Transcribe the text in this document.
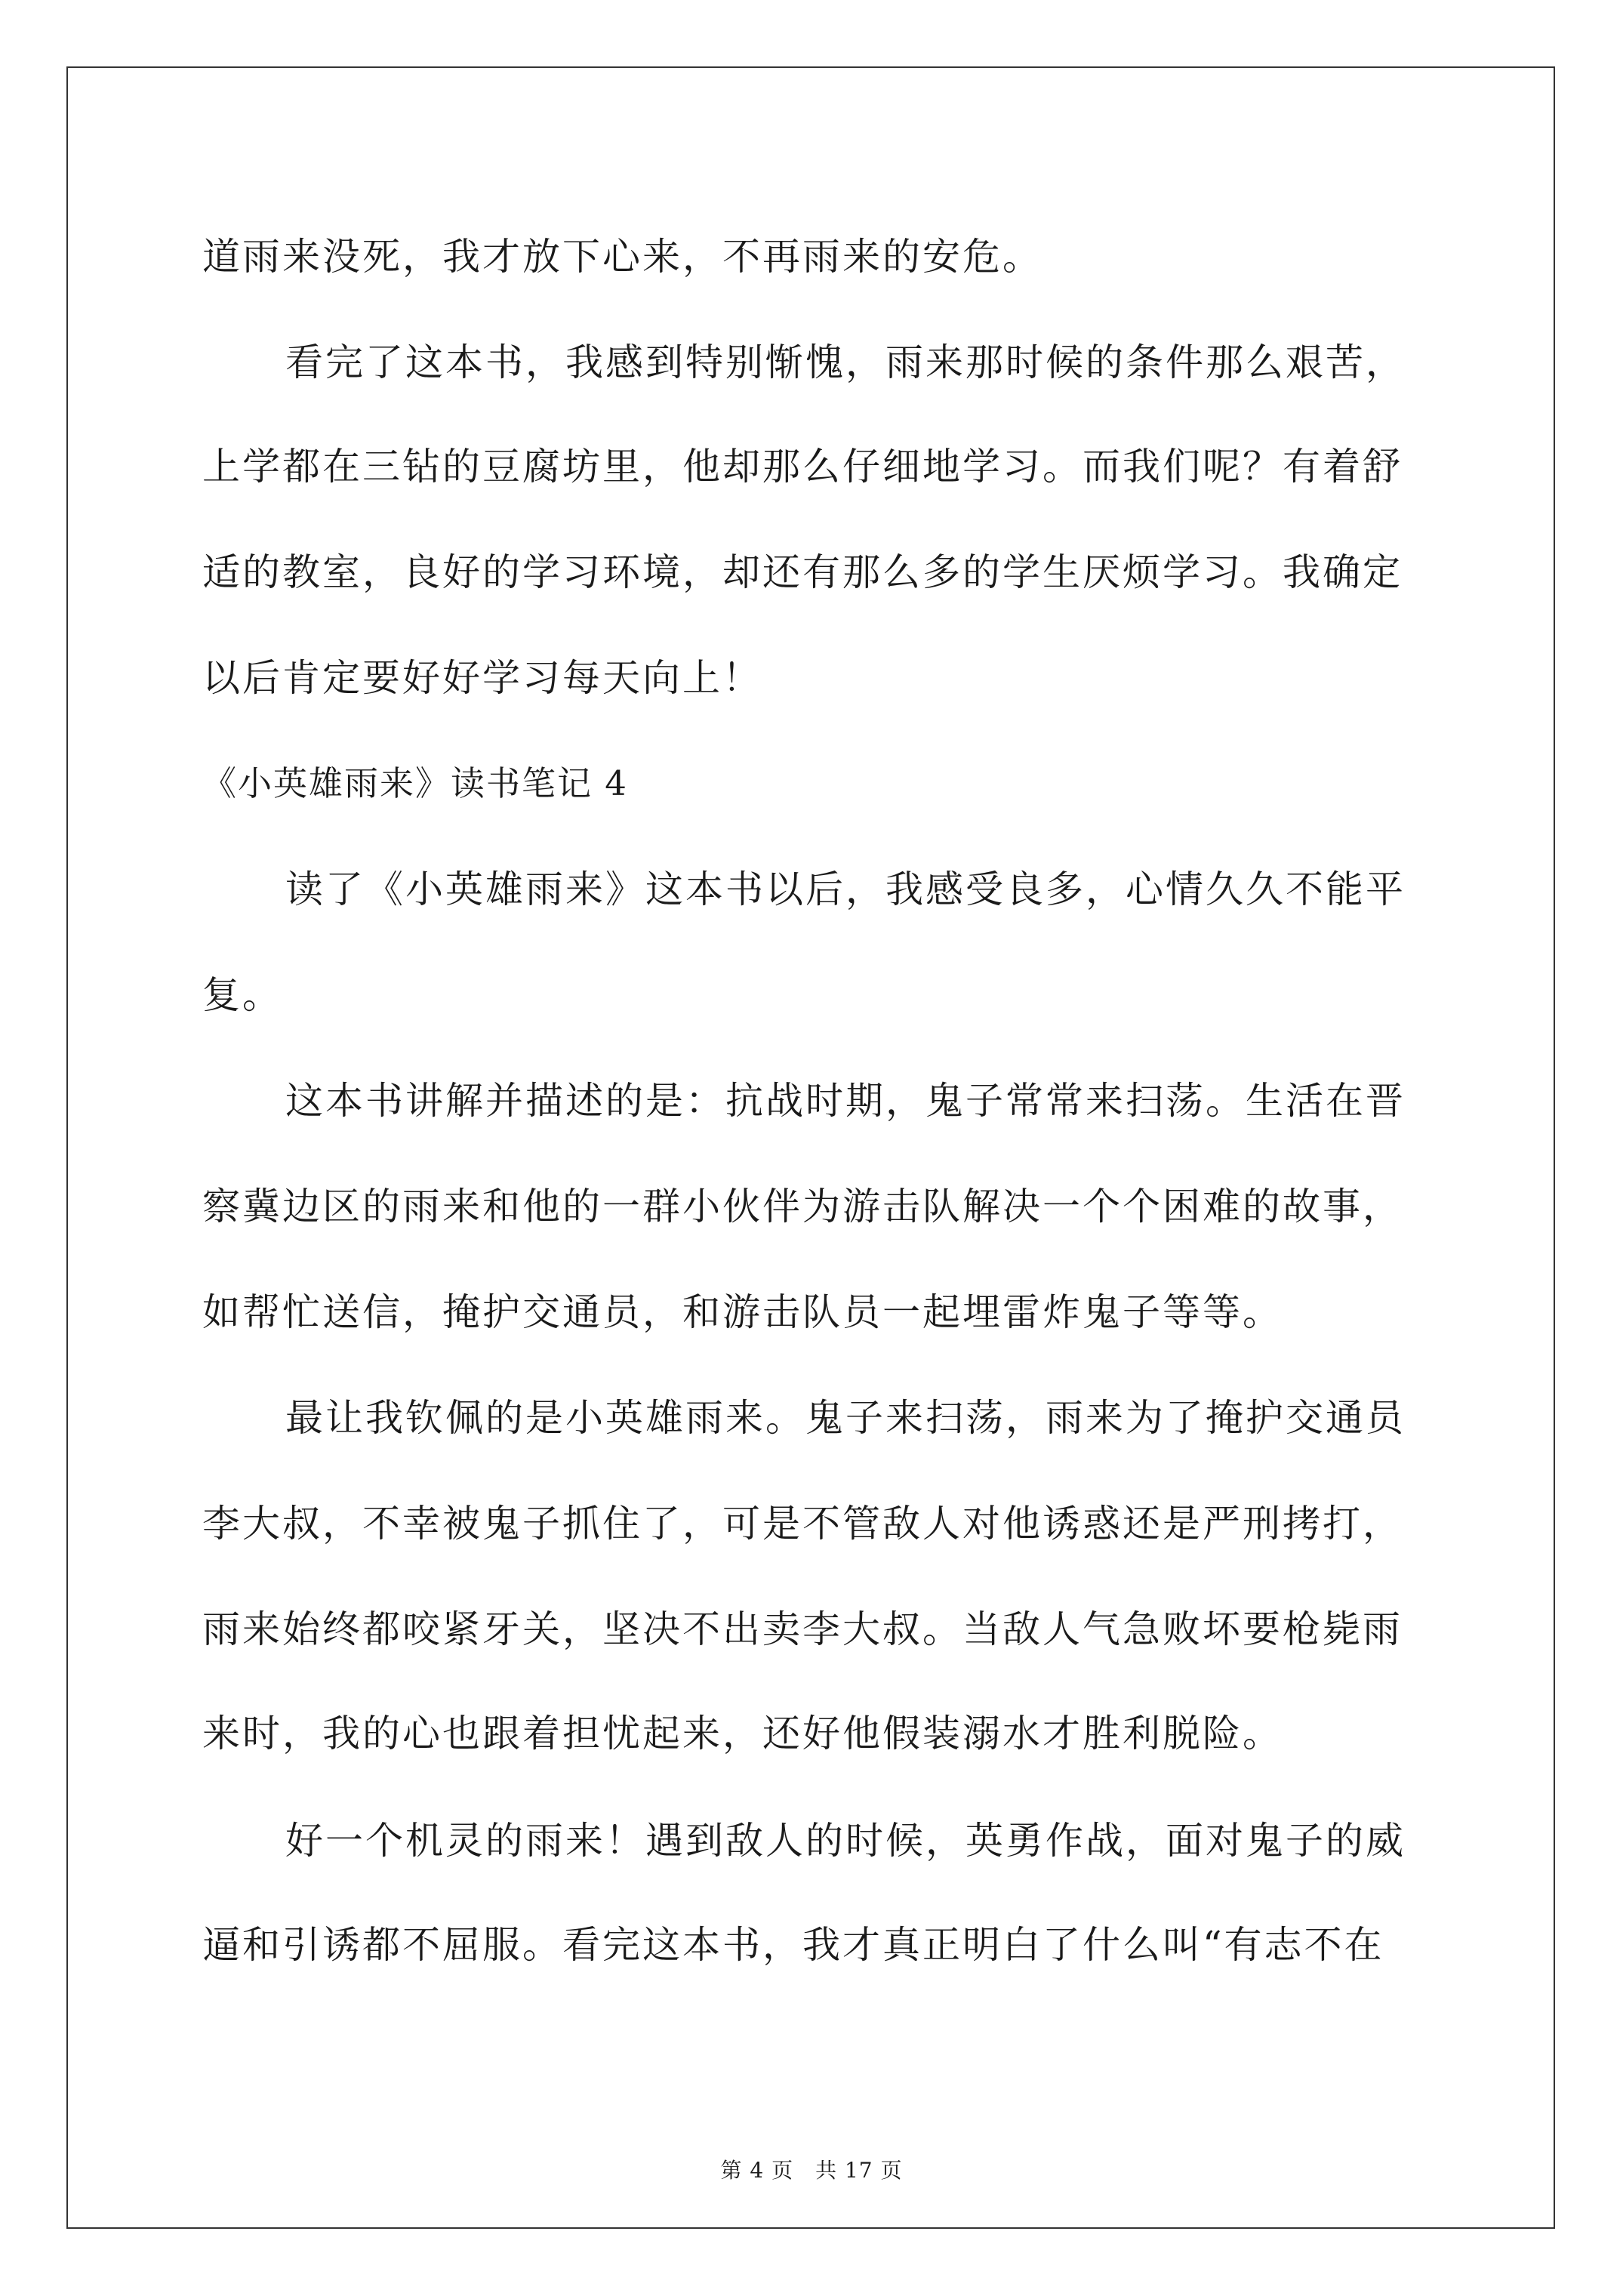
道雨来没死，我才放下心来，不再雨来的安危。
看完了这本书，我感到特别惭愧，雨来那时候的条件那么艰苦，
上学都在三钻的豆腐坊里，他却那么仔细地学习。而我们呢？有着舒
适的教室，良好的学习环境，却还有那么多的学生厌烦学习。我确定
以后肯定要好好学习每天向上！
《小英雄雨来》读书笔记 4
读了《小英雄雨来》这本书以后，我感受良多，心情久久不能平
复。
这本书讲解并描述的是：抗战时期，鬼子常常来扫荡。生活在晋
察冀边区的雨来和他的一群小伙伴为游击队解决一个个困难的故事，
如帮忙送信，掩护交通员，和游击队员一起埋雷炸鬼子等等。
最让我钦佩的是小英雄雨来。鬼子来扫荡，雨来为了掩护交通员
李大叔，不幸被鬼子抓住了，可是不管敌人对他诱惑还是严刑拷打，
雨来始终都咬紧牙关，坚决不出卖李大叔。当敌人气急败坏要枪毙雨
来时，我的心也跟着担忧起来，还好他假装溺水才胜利脱险。
好一个机灵的雨来！遇到敌人的时候，英勇作战，面对鬼子的威
逼和引诱都不屈服。看完这本书，我才真正明白了什么叫“有志不在
第 4 页　共 17 页
